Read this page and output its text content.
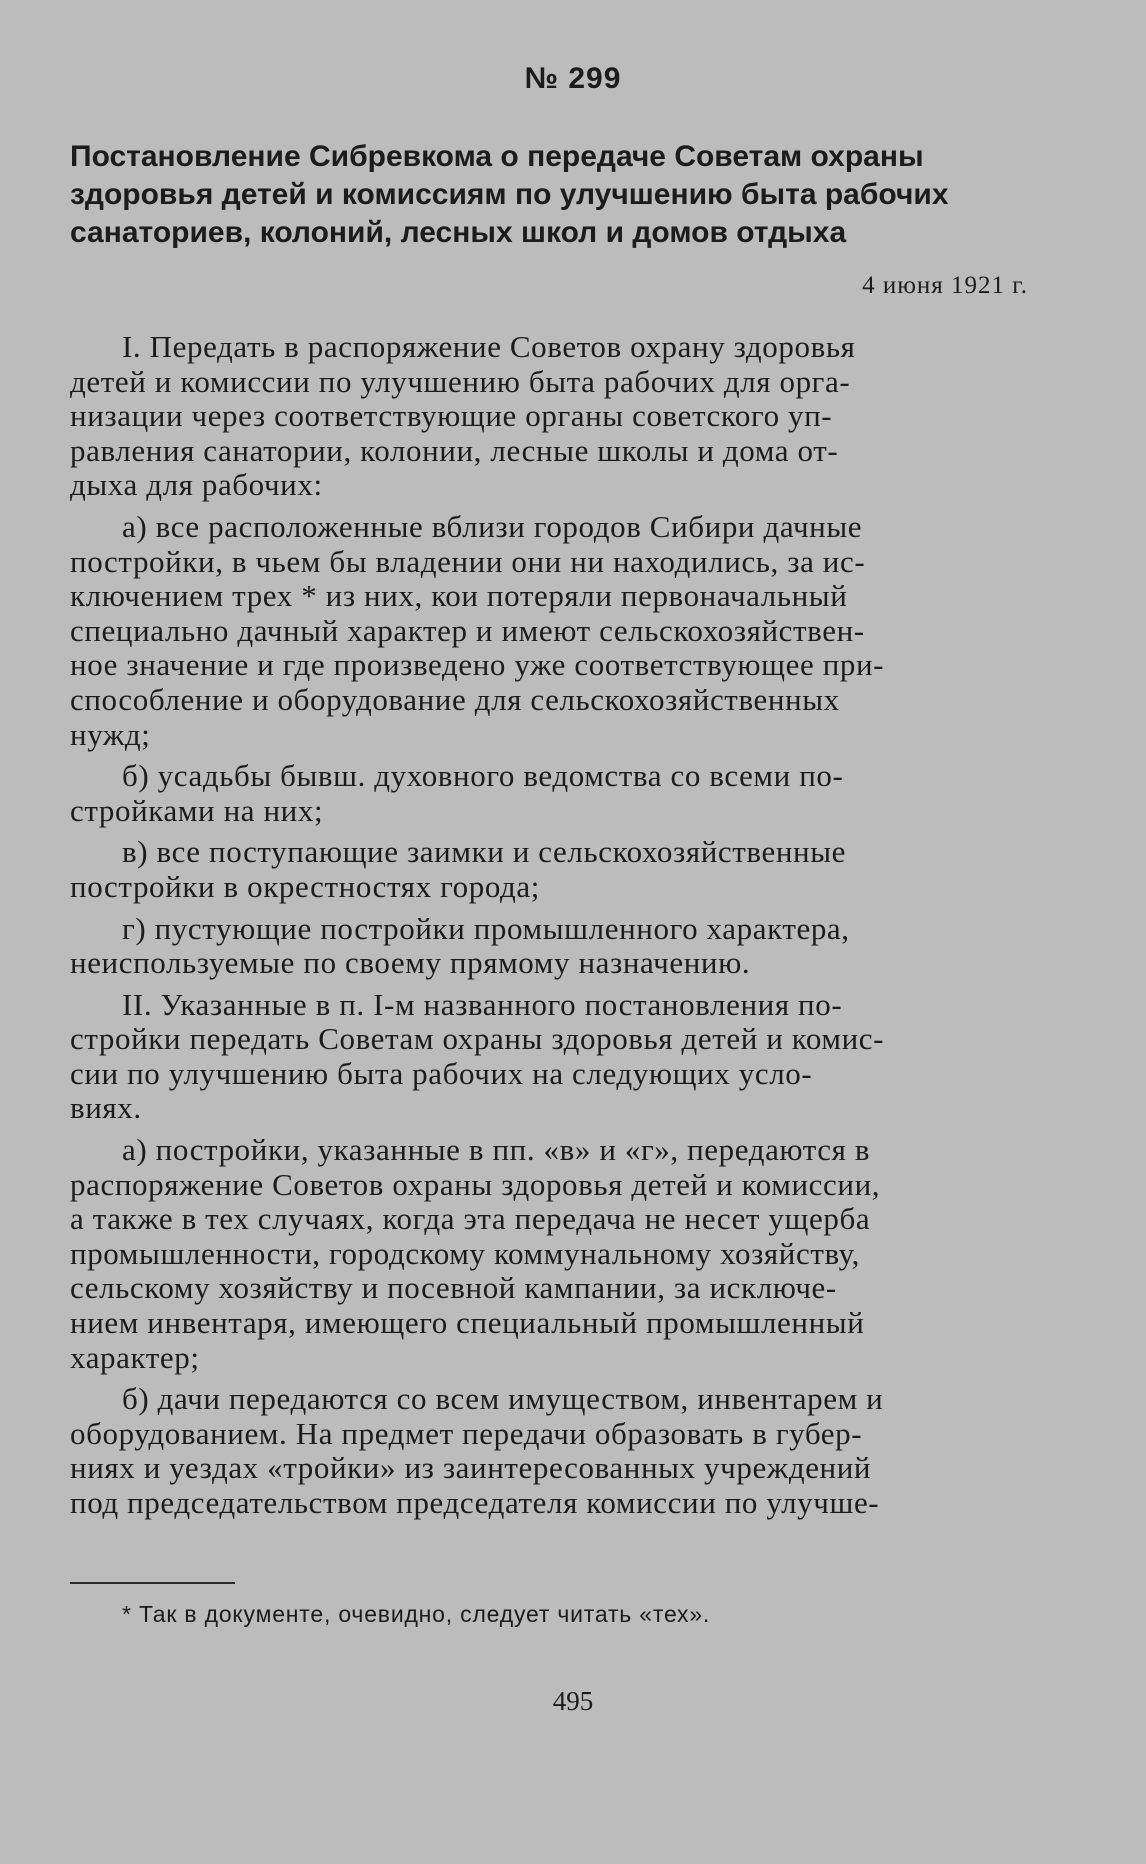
№ 299
Постановление Сибревкома о передаче Советам охраны
здоровья детей и комиссиям по улучшению быта рабочих
санаториев, колоний, лесных школ и домов отдыха
4 июня 1921 г.
I. Передать в распоряжение Советов охрану здоровья
детей и комиссии по улучшению быта рабочих для орга-
низации через соответствующие органы советского уп-
равления санатории, колонии, лесные школы и дома от-
дыха для рабочих:
а) все расположенные вблизи городов Сибири дачные
постройки, в чьем бы владении они ни находились, за ис-
ключением трех * из них, кои потеряли первоначальный
специально дачный характер и имеют сельскохозяйствен-
ное значение и где произведено уже соответствующее при-
способление и оборудование для сельскохозяйственных
нужд;
б) усадьбы бывш. духовного ведомства со всеми по-
стройками на них;
в) все поступающие заимки и сельскохозяйственные
постройки в окрестностях города;
г) пустующие постройки промышленного характера,
неиспользуемые по своему прямому назначению.
II. Указанные в п. I-м названного постановления по-
стройки передать Советам охраны здоровья детей и комис-
сии по улучшению быта рабочих на следующих усло-
виях.
а) постройки, указанные в пп. «в» и «г», передаются в
распоряжение Советов охраны здоровья детей и комиссии,
а также в тех случаях, когда эта передача не несет ущерба
промышленности, городскому коммунальному хозяйству,
сельскому хозяйству и посевной кампании, за исключе-
нием инвентаря, имеющего специальный промышленный
характер;
б) дачи передаются со всем имуществом, инвентарем и
оборудованием. На предмет передачи образовать в губер-
ниях и уездах «тройки» из заинтересованных учреждений
под председательством председателя комиссии по улучше-
* Так в документе, очевидно, следует читать «тех».
495
